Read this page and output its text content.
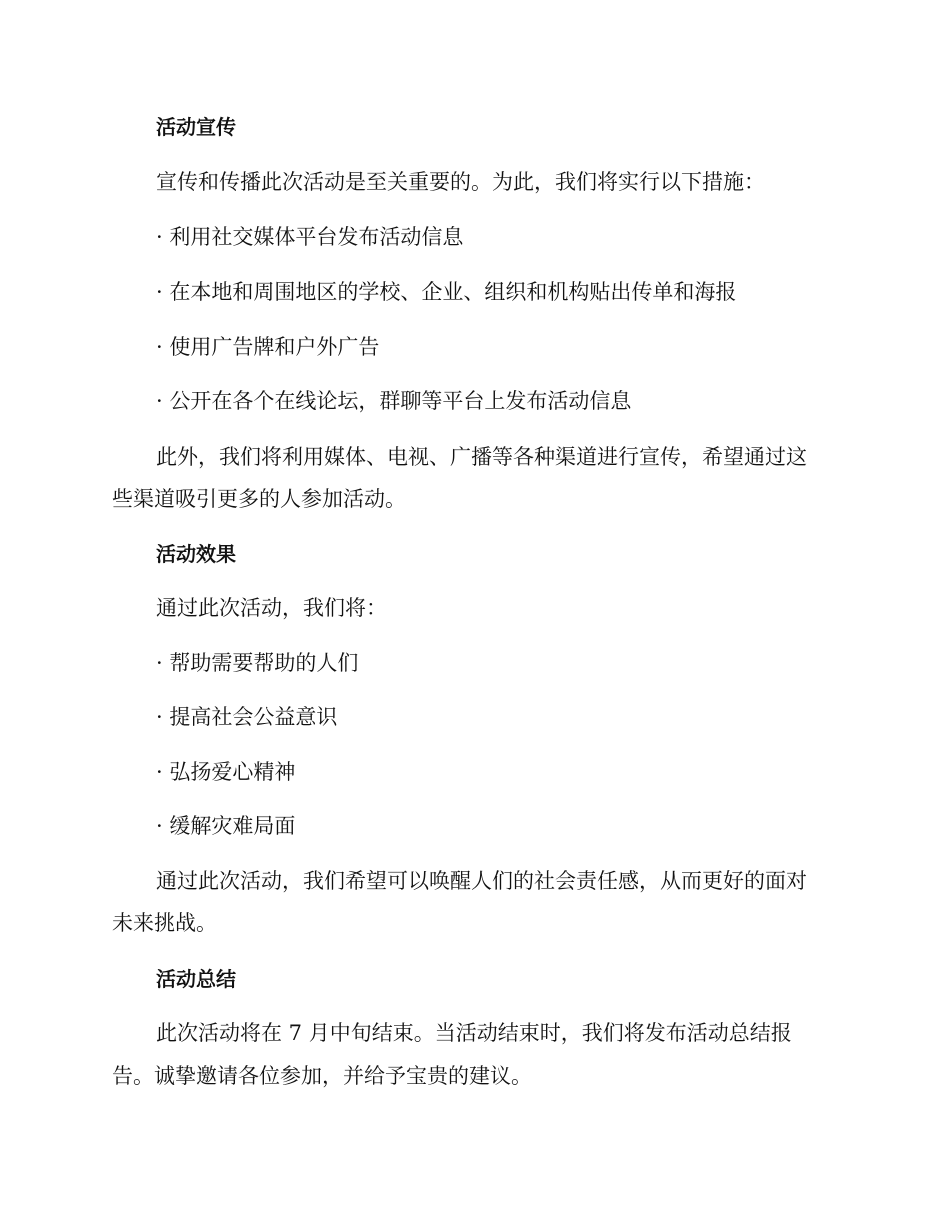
活动宣传
宣传和传播此次活动是至关重要的。为此，我们将实行以下措施：
· 利用社交媒体平台发布活动信息
· 在本地和周围地区的学校、企业、组织和机构贴出传单和海报
· 使用广告牌和户外广告
· 公开在各个在线论坛，群聊等平台上发布活动信息
此外，我们将利用媒体、电视、广播等各种渠道进行宣传，希望通过这
些渠道吸引更多的人参加活动。
活动效果
通过此次活动，我们将：
· 帮助需要帮助的人们
· 提高社会公益意识
· 弘扬爱心精神
· 缓解灾难局面
通过此次活动，我们希望可以唤醒人们的社会责任感，从而更好的面对
未来挑战。
活动总结
此次活动将在 7 月中旬结束。当活动结束时，我们将发布活动总结报
告。诚挚邀请各位参加，并给予宝贵的建议。
